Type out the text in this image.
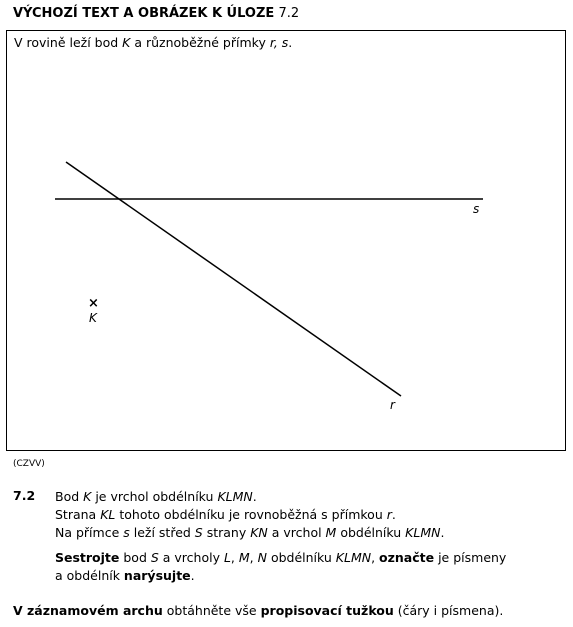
VÝCHOZÍ TEXT A OBRÁZEK K ÚLOZE 7.2
V rovině leží bod K a různoběžné přímky r, s.
s
r
×
K
(CZVV)
7.2 Bod K je vrchol obdélníku KLMN.
Strana KL tohoto obdélníku je rovnoběžná s přímkou r.
Na přímce s leží střed S strany KN a vrchol M obdélníku KLMN.
Sestrojte bod S a vrcholy L, M, N obdélníku KLMN, označte je písmeny
a obdélník narýsujte.
V záznamovém archu obtáhněte vše propisovací tužkou (čáry i písmena).
